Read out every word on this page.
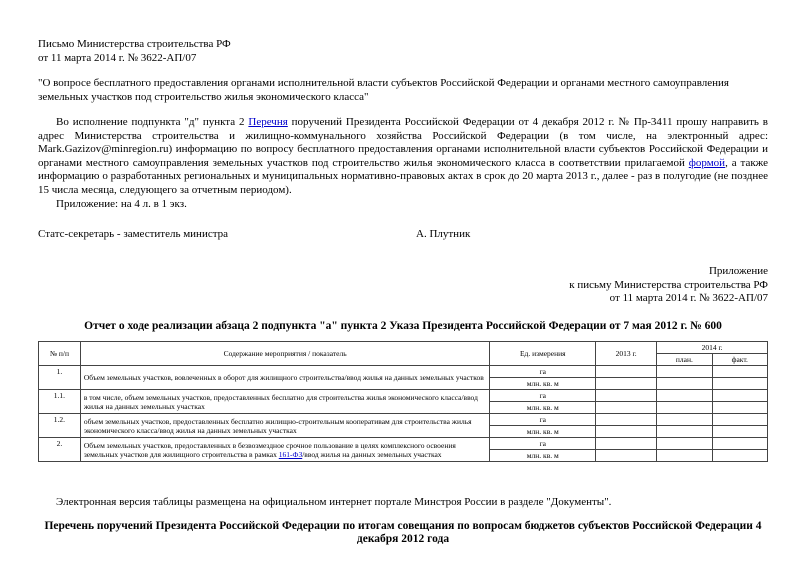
Письмо Министерства строительства РФ
от 11 марта 2014 г. № 3622-АП/07
"О вопросе бесплатного предоставления органами исполнительной власти субъектов Российской Федерации и органами местного самоуправления земельных участков под строительство жилья экономического класса"
Во исполнение подпункта "д" пункта 2 Перечня поручений Президента Российской Федерации от 4 декабря 2012 г. № Пр-3411 прошу направить в адрес Министерства строительства и жилищно-коммунального хозяйства Российской Федерации (в том числе, на электронный адрес: Mark.Gazizov@minregion.ru) информацию по вопросу бесплатного предоставления органами исполнительной власти субъектов Российской Федерации и органами местного самоуправления земельных участков под строительство жилья экономического класса в соответствии прилагаемой формой, а также информацию о разработанных региональных и муниципальных нормативно-правовых актах в срок до 20 марта 2013 г., далее - раз в полугодие (не позднее 15 числа месяца, следующего за отчетным периодом).
Приложение: на 4 л. в 1 экз.
Статс-секретарь - заместитель министра	А. Плутник
Приложение
к письму Министерства строительства РФ
от 11 марта 2014 г. № 3622-АП/07
Отчет о ходе реализации абзаца 2 подпункта "а" пункта 2 Указа Президента Российской Федерации от 7 мая 2012 г. № 600
№ п/п	Содержание мероприятия / показатель	Ед. измерения	2013 г.	2014 г.	
				план.	факт.
1.	Объем земельных участков, вовлеченных в оборот для жилищного строительства/ввод жилья на данных земельных участков	га			
		млн. кв. м			
1.1.	в том числе, объем земельных участков, предоставленных бесплатно для строительства жилья экономического класса/ввод жилья на данных земельных участках	га			
		млн. кв. м			
1.2.	объем земельных участков, предоставленных бесплатно жилищно-строительным кооперативам для строительства жилья экономического класса/ввод жилья на данных земельных участках	га			
		млн. кв. м			
2.	Объем земельных участков, предоставленных в безвозмездное срочное пользование в целях комплексного освоения земельных участков для жилищного строительства в рамках 161-ФЗ/ввод жилья на данных земельных участках	га			
		млн. кв. м			
Электронная версия таблицы размещена на официальном интернет портале Минстроя России в разделе "Документы".
Перечень поручений Президента Российской Федерации по итогам совещания по вопросам бюджетов субъектов Российской Федерации 4 декабря 2012 года
